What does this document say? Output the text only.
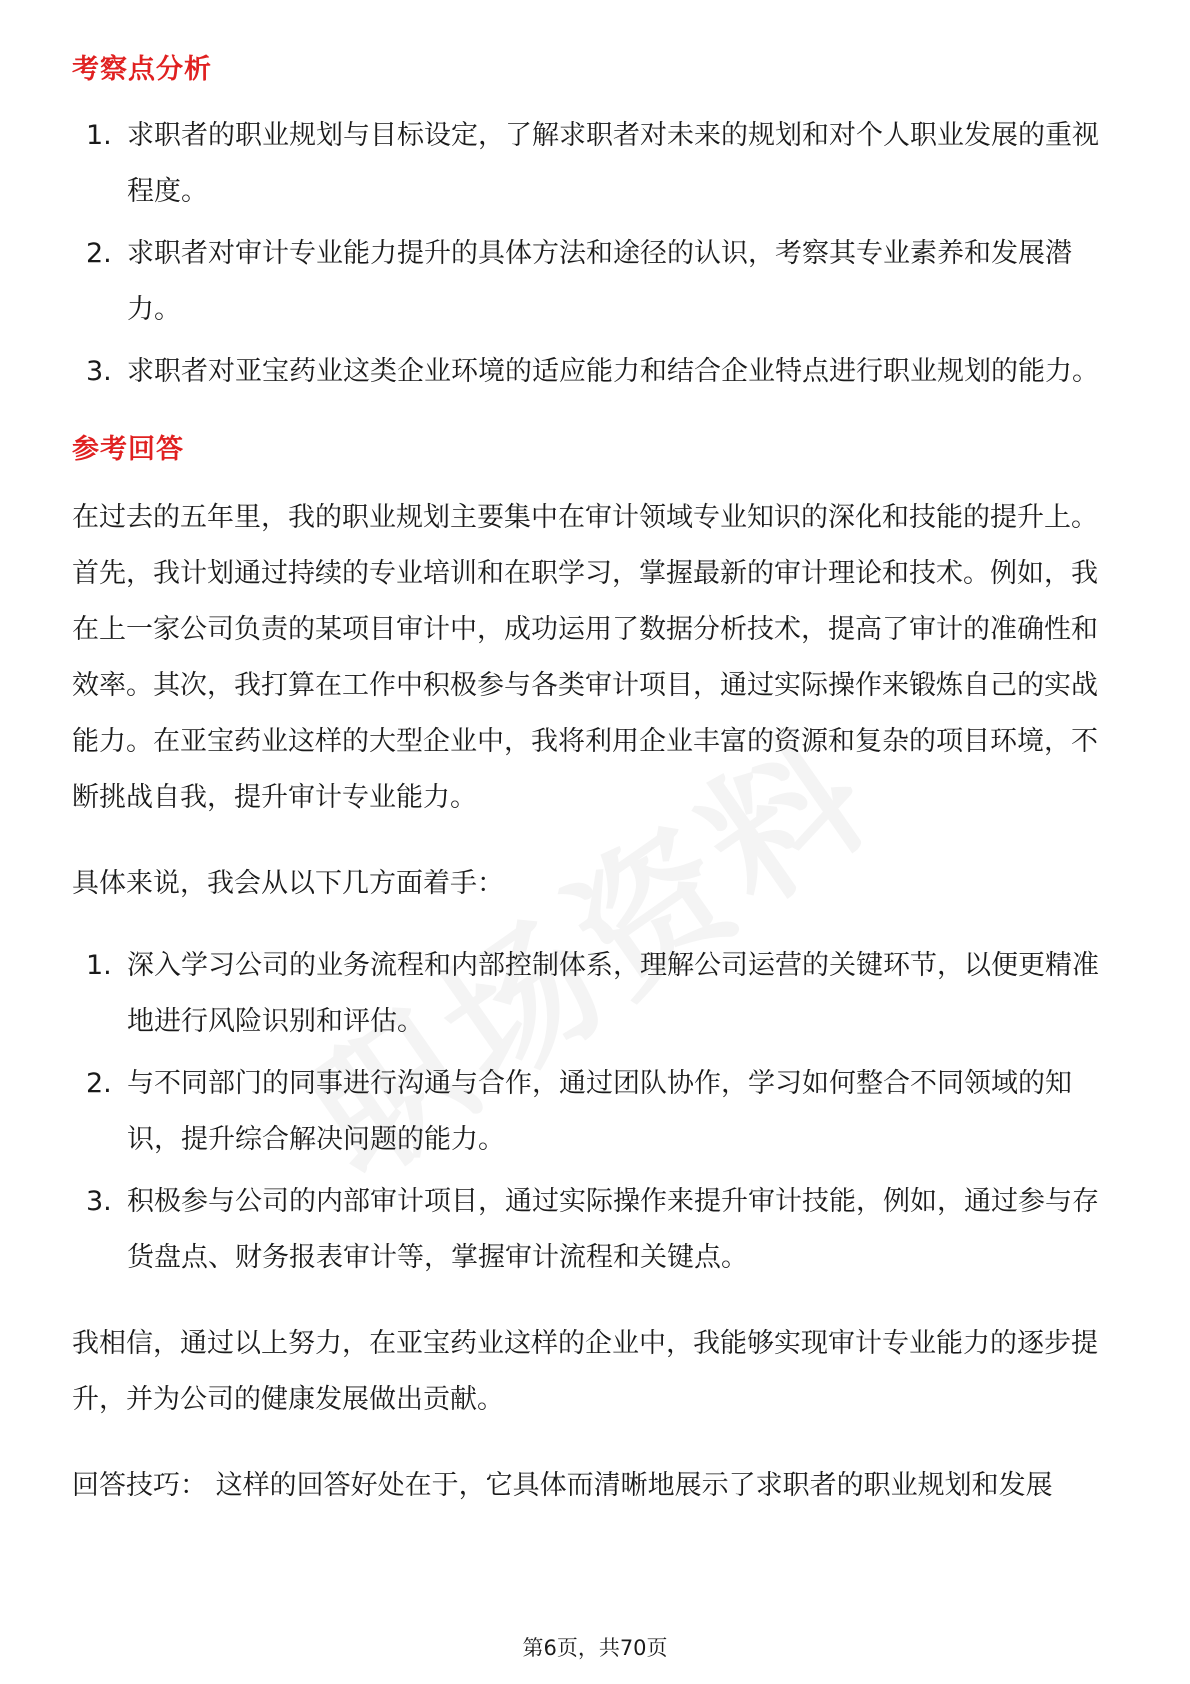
考察点分析
1. 求职者的职业规划与目标设定，了解求职者对未来的规划和对个人职业发展的重视程度。
2. 求职者对审计专业能力提升的具体方法和途径的认识，考察其专业素养和发展潜力。
3. 求职者对亚宝药业这类企业环境的适应能力和结合企业特点进行职业规划的能力。
参考回答

在过去的五年里，我的职业规划主要集中在审计领域专业知识的深化和技能的提升上。首先，我计划通过持续的专业培训和在职学习，掌握最新的审计理论和技术。例如，我在上一家公司负责的某项目审计中，成功运用了数据分析技术，提高了审计的准确性和效率。其次，我打算在工作中积极参与各类审计项目，通过实际操作来锻炼自己的实战能力。在亚宝药业这样的大型企业中，我将利用企业丰富的资源和复杂的项目环境，不断挑战自我，提升审计专业能力。

具体来说，我会从以下几方面着手：

1. 深入学习公司的业务流程和内部控制体系，理解公司运营的关键环节，以便更精准地进行风险识别和评估。
2. 与不同部门的同事进行沟通与合作，通过团队协作，学习如何整合不同领域的知识，提升综合解决问题的能力。
3. 积极参与公司的内部审计项目，通过实际操作来提升审计技能，例如，通过参与存货盘点、财务报表审计等，掌握审计流程和关键点。

我相信，通过以上努力，在亚宝药业这样的企业中，我能够实现审计专业能力的逐步提升，并为公司的健康发展做出贡献。

回答技巧： 这样的回答好处在于，它具体而清晰地展示了求职者的职业规划和发展

第6页，共70页
